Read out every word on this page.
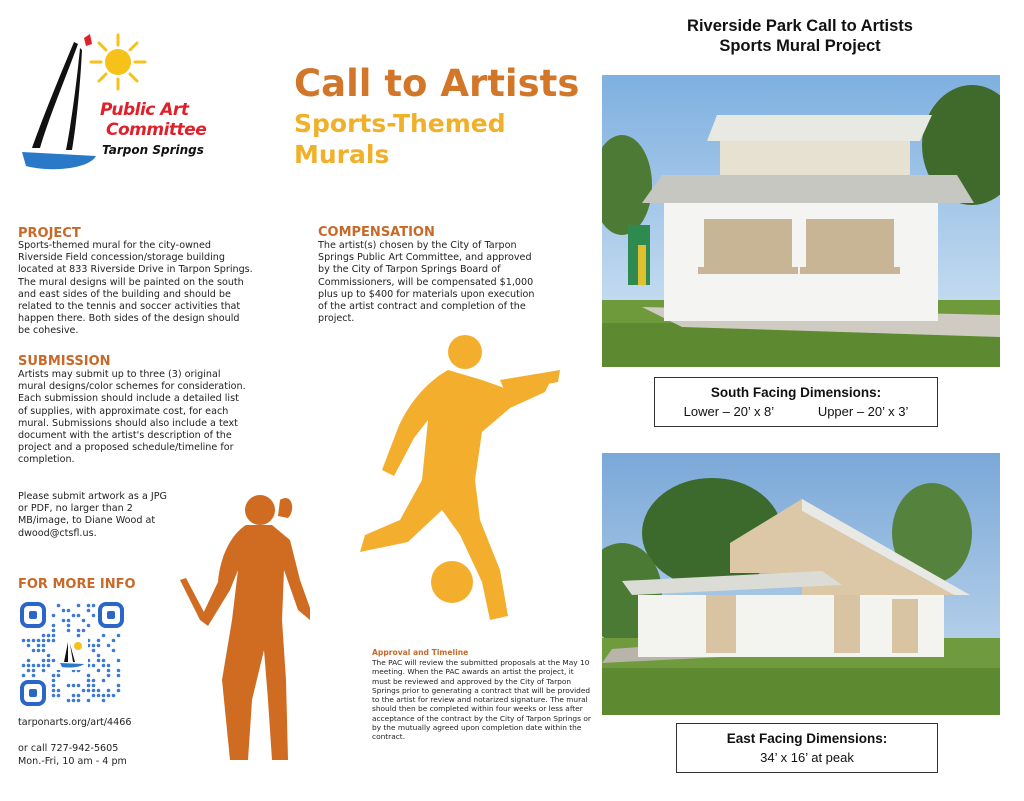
Public Art
Committee
Tarpon Springs
Call to Artists
Sports-Themed Murals
PROJECT
Sports-themed mural for the city-owned Riverside Field concession/storage building located at 833 Riverside Drive in Tarpon Springs. The mural designs will be painted on the south and east sides of the building and should be related to the tennis and soccer activities that happen there. Both sides of the design should be cohesive.
SUBMISSION
Artists may submit up to three (3) original mural designs/color schemes for consideration. Each submission should include a detailed list of supplies, with approximate cost, for each mural. Submissions should also include a text document with the artist's description of the project and a proposed schedule/timeline for completion.
Please submit artwork as a JPG or PDF, no larger than 2 MB/image, to Diane Wood at dwood@ctsfl.us.
COMPENSATION
The artist(s) chosen by the City of Tarpon Springs Public Art Committee, and approved by the City of Tarpon Springs Board of Commissioners, will be compensated $1,000 plus up to $400 for materials upon execution of the artist contract and completion of the project.
FOR MORE INFO
tarponarts.org/art/4466
or call 727-942-5605
Mon.-Fri, 10 am - 4 pm
Approval and Timeline
The PAC will review the submitted proposals at the May 10 meeting. When the PAC awards an artist the project, it must be reviewed and approved by the City of Tarpon Springs prior to generating a contract that will be provided to the artist for review and notarized signature. The mural should then be completed within four weeks or less after acceptance of the contract by the City of Tarpon Springs or by the mutually agreed upon completion date within the contract.
Riverside Park Call to Artists
Sports Mural Project
South Facing Dimensions:
Lower – 20’ x 8’	Upper – 20’ x 3’
East Facing Dimensions:
34’ x 16’ at peak
